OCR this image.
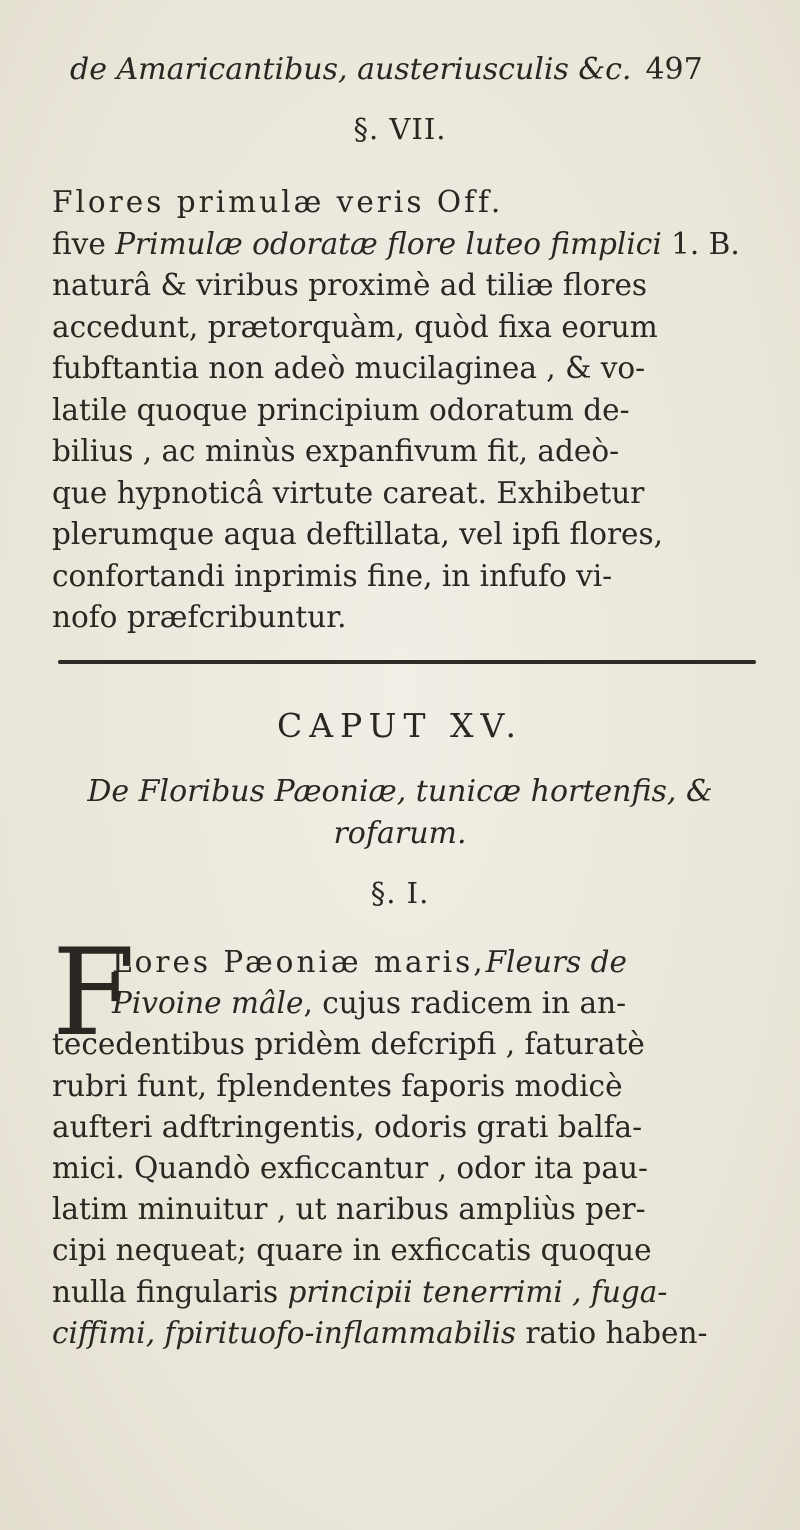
de Amaricantibus, austeriusculis &c. 497
§. VII.

Flores primulæ veris Off.

five Primulæ odoratæ flore luteo fimplici 1. B.

naturâ & viribus proximè ad tiliæ flores

accedunt, prætorquàm, quòd fixa eorum

fubftantia non adeò mucilaginea , & vo-

latile quoque principium odoratum de-

bilius , ac minùs expanfivum fit, adeò-

que hypnoticâ virtute careat. Exhibetur

plerumque aqua deftillata, vel ipfi flores,

confortandi inprimis fine, in infufo vi-

nofo præfcribuntur.

CAPUT XV.
De Floribus Pæoniæ, tunicæ hortenfis, &
rofarum.
§. I.
F

Lores Pæoniæ maris,Fleurs de

Pivoine mâle, cujus radicem in an-

tecedentibus pridèm defcripfi , faturatè

rubri funt, fplendentes faporis modicè

aufteri adftringentis, odoris grati balfa-

mici. Quandò exficcantur , odor ita pau-

latim minuitur , ut naribus ampliùs per-

cipi nequeat; quare in exficcatis quoque

nulla fingularis principii tenerrimi , fuga-

ciffimi, fpirituofo-inflammabilis ratio haben-
